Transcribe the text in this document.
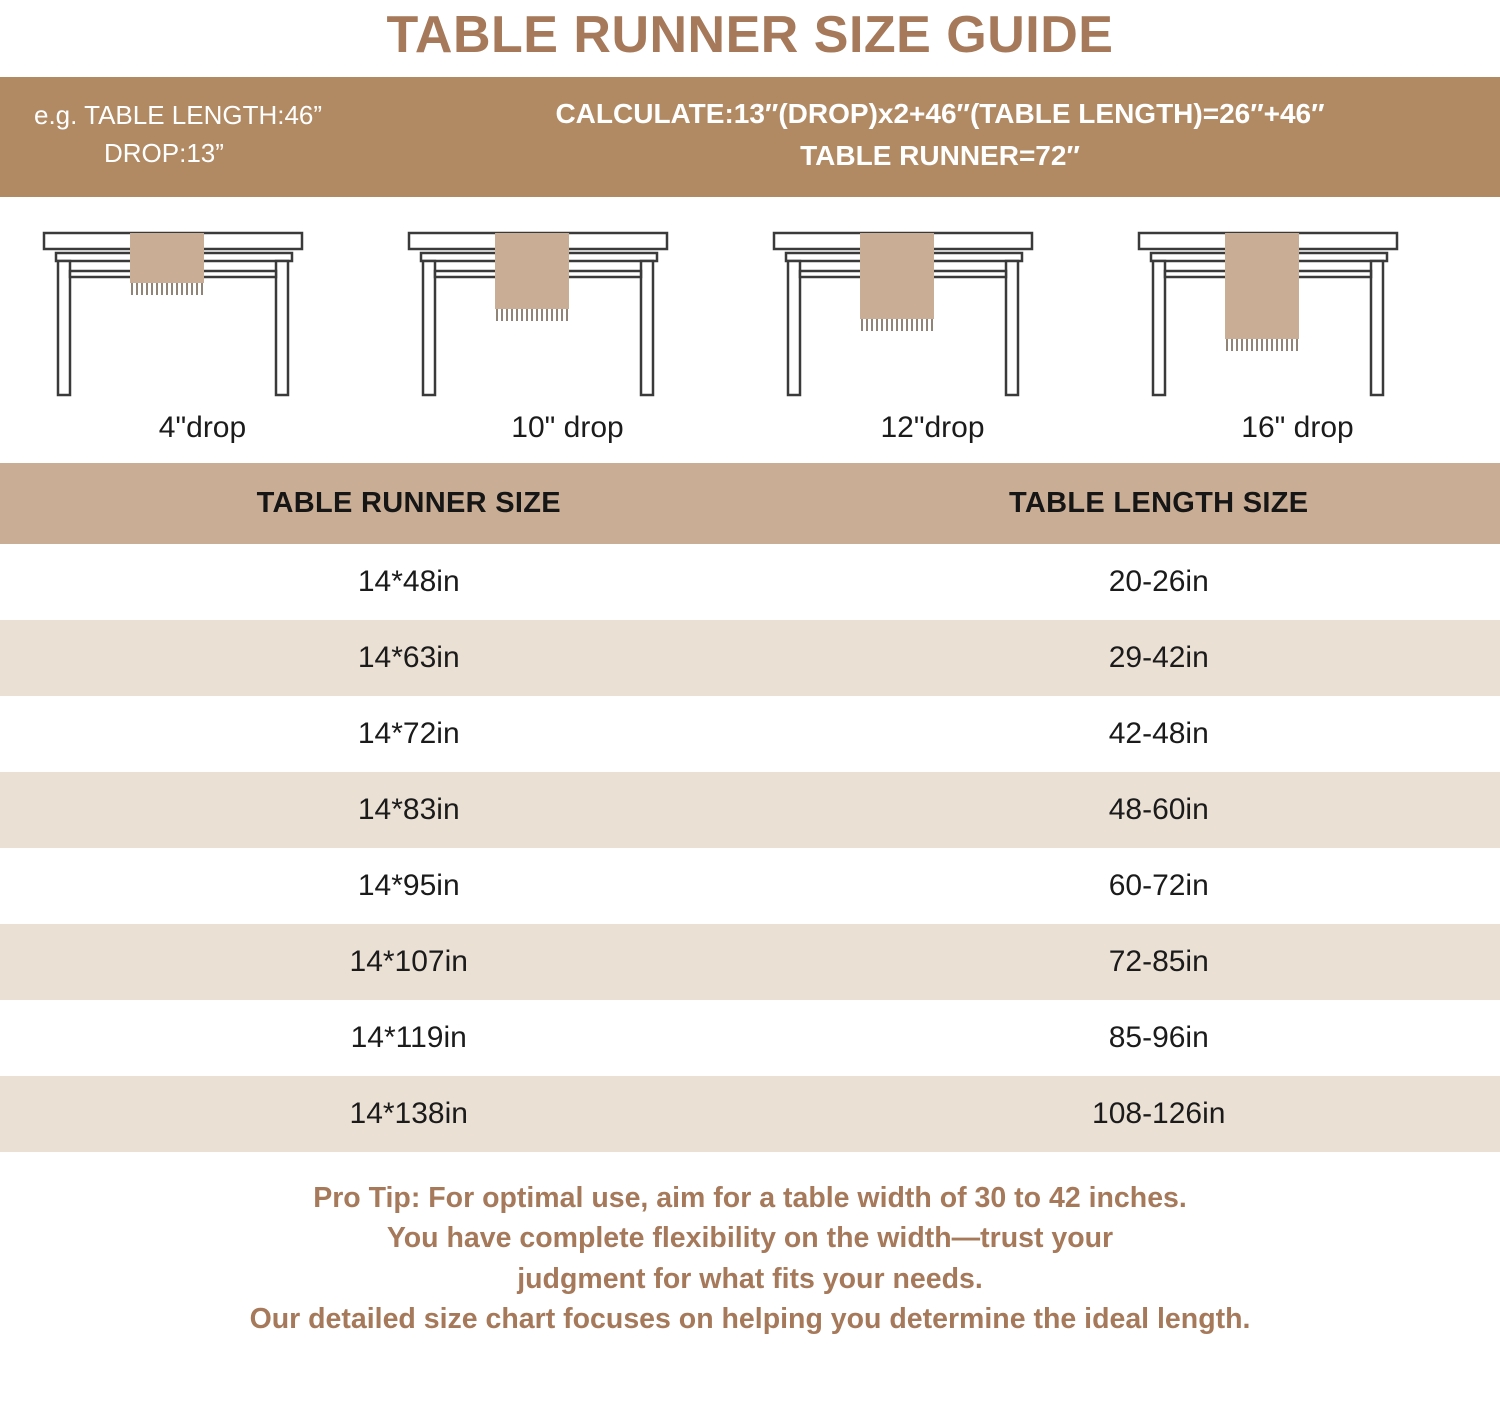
TABLE RUNNER SIZE GUIDE
e.g. TABLE LENGTH:46”
DROP:13”
CALCULATE:13″(DROP)x2+46″(TABLE LENGTH)=26″+46″
TABLE RUNNER=72″
4"drop	10" drop	12"drop	16" drop
TABLE RUNNER SIZE	TABLE LENGTH SIZE
14*48in	20-26in
14*63in	29-42in
14*72in	42-48in
14*83in	48-60in
14*95in	60-72in
14*107in	72-85in
14*119in	85-96in
14*138in	108-126in
Pro Tip: For optimal use, aim for a table width of 30 to 42 inches.
You have complete flexibility on the width—trust your
judgment for what fits your needs.
Our detailed size chart focuses on helping you determine the ideal length.
